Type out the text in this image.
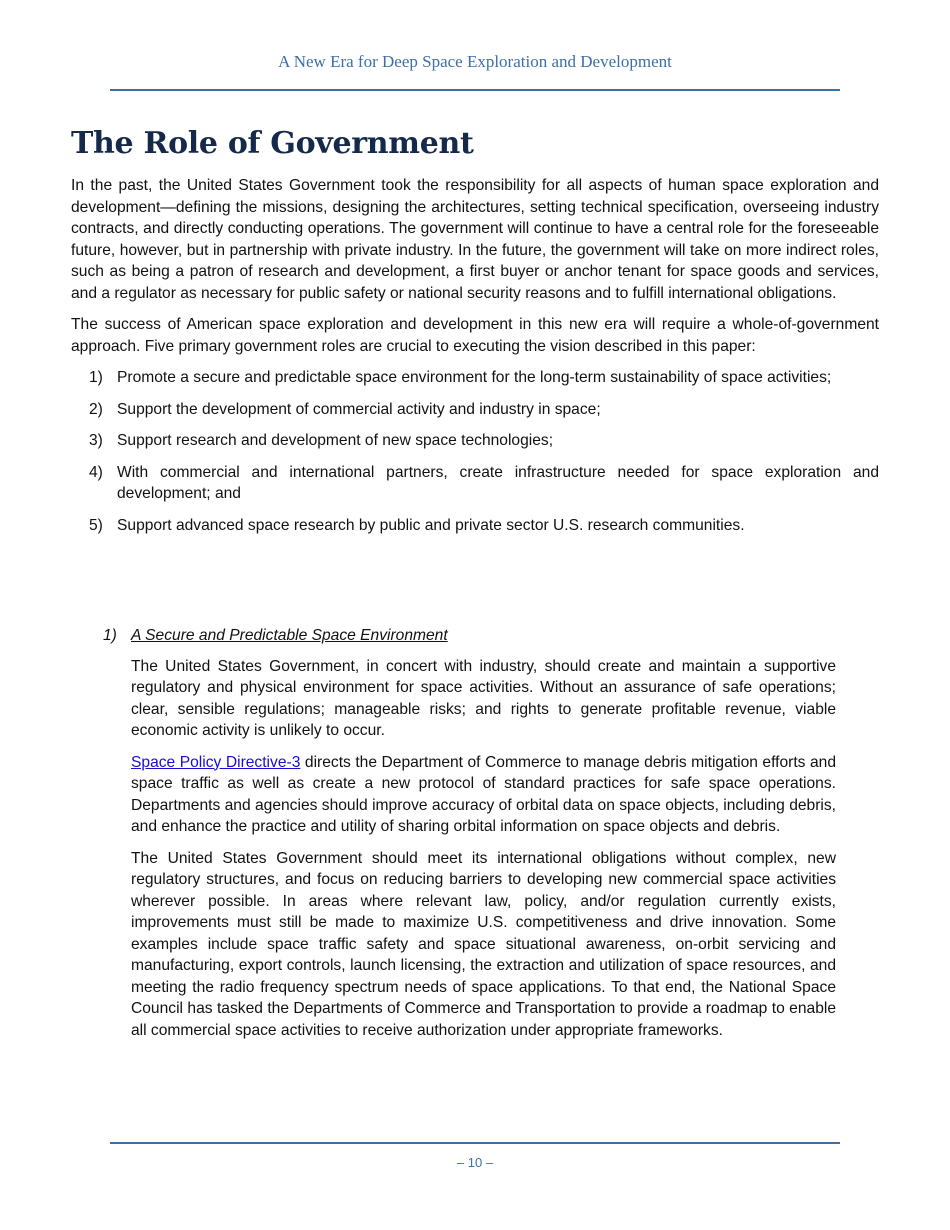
A New Era for Deep Space Exploration and Development
The Role of Government

In the past, the United States Government took the responsibility for all aspects of human space exploration and development—defining the missions, designing the architectures, setting technical specification, overseeing industry contracts, and directly conducting operations. The government will continue to have a central role for the foreseeable future, however, but in partnership with private industry. In the future, the government will take on more indirect roles, such as being a patron of research and development, a first buyer or anchor tenant for space goods and services, and a regulator as necessary for public safety or national security reasons and to fulfill international obligations.

The success of American space exploration and development in this new era will require a whole-of-government approach. Five primary government roles are crucial to executing the vision described in this paper:

1) Promote a secure and predictable space environment for the long-term sustainability of space activities;
2) Support the development of commercial activity and industry in space;
3) Support research and development of new space technologies;
4) With commercial and international partners, create infrastructure needed for space exploration and development; and
5) Support advanced space research by public and private sector U.S. research communities.

1) A Secure and Predictable Space Environment

The United States Government, in concert with industry, should create and maintain a supportive regulatory and physical environment for space activities. Without an assurance of safe operations; clear, sensible regulations; manageable risks; and rights to generate profitable revenue, viable economic activity is unlikely to occur.

Space Policy Directive-3 directs the Department of Commerce to manage debris mitigation efforts and space traffic as well as create a new protocol of standard practices for safe space operations. Departments and agencies should improve accuracy of orbital data on space objects, including debris, and enhance the practice and utility of sharing orbital information on space objects and debris.

The United States Government should meet its international obligations without complex, new regulatory structures, and focus on reducing barriers to developing new commercial space activities wherever possible. In areas where relevant law, policy, and/or regulation currently exists, improvements must still be made to maximize U.S. competitiveness and drive innovation. Some examples include space traffic safety and space situational awareness, on-orbit servicing and manufacturing, export controls, launch licensing, the extraction and utilization of space resources, and meeting the radio frequency spectrum needs of space applications. To that end, the National Space Council has tasked the Departments of Commerce and Transportation to provide a roadmap to enable all commercial space activities to receive authorization under appropriate frameworks.

– 10 –
